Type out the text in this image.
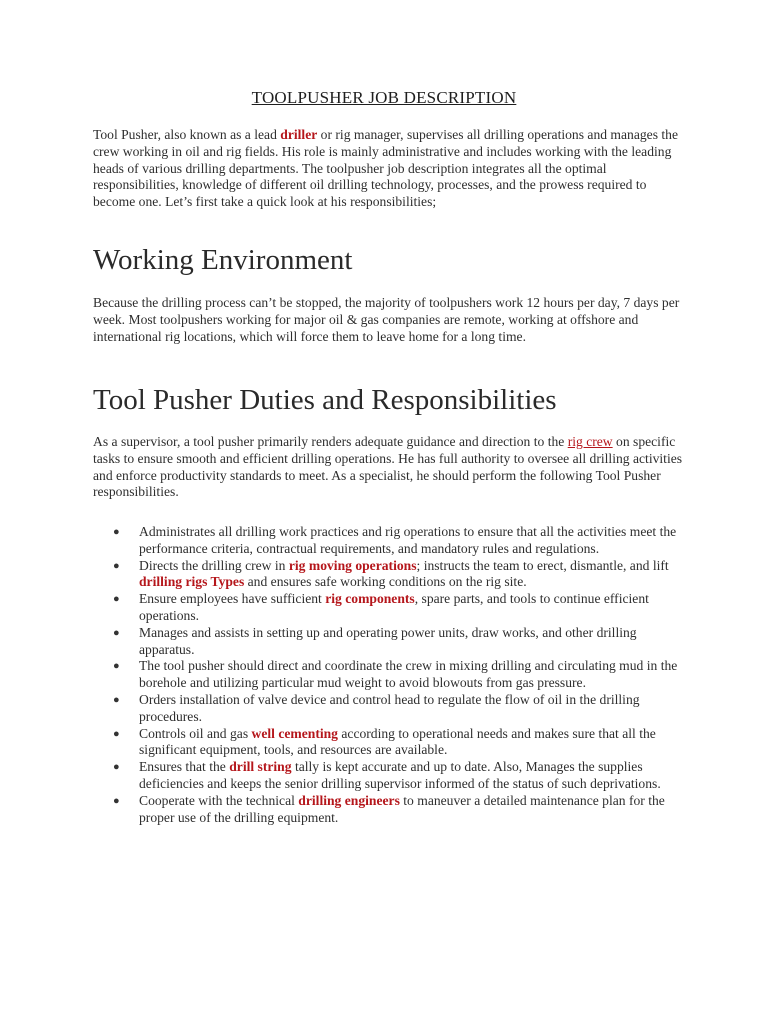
TOOLPUSHER JOB DESCRIPTION

Tool Pusher, also known as a lead driller or rig manager, supervises all drilling operations and manages the crew working in oil and rig fields. His role is mainly administrative and includes working with the leading heads of various drilling departments. The toolpusher job description integrates all the optimal responsibilities, knowledge of different oil drilling technology, processes, and the prowess required to become one. Let’s first take a quick look at his responsibilities;

Working Environment

Because the drilling process can’t be stopped, the majority of toolpushers work 12 hours per day, 7 days per week. Most toolpushers working for major oil & gas companies are remote, working at offshore and international rig locations, which will force them to leave home for a long time.

Tool Pusher Duties and Responsibilities

As a supervisor, a tool pusher primarily renders adequate guidance and direction to the rig crew on specific tasks to ensure smooth and efficient drilling operations. He has full authority to oversee all drilling activities and enforce productivity standards to meet. As a specialist, he should perform the following Tool Pusher responsibilities.

● Administrates all drilling work practices and rig operations to ensure that all the activities meet the performance criteria, contractual requirements, and mandatory rules and regulations.
● Directs the drilling crew in rig moving operations; instructs the team to erect, dismantle, and lift drilling rigs Types and ensures safe working conditions on the rig site.
● Ensure employees have sufficient rig components, spare parts, and tools to continue efficient operations.
● Manages and assists in setting up and operating power units, draw works, and other drilling apparatus.
● The tool pusher should direct and coordinate the crew in mixing drilling and circulating mud in the borehole and utilizing particular mud weight to avoid blowouts from gas pressure.
● Orders installation of valve device and control head to regulate the flow of oil in the drilling procedures.
● Controls oil and gas well cementing according to operational needs and makes sure that all the significant equipment, tools, and resources are available.
● Ensures that the drill string tally is kept accurate and up to date. Also, Manages the supplies deficiencies and keeps the senior drilling supervisor informed of the status of such deprivations.
● Cooperate with the technical drilling engineers to maneuver a detailed maintenance plan for the proper use of the drilling equipment.
